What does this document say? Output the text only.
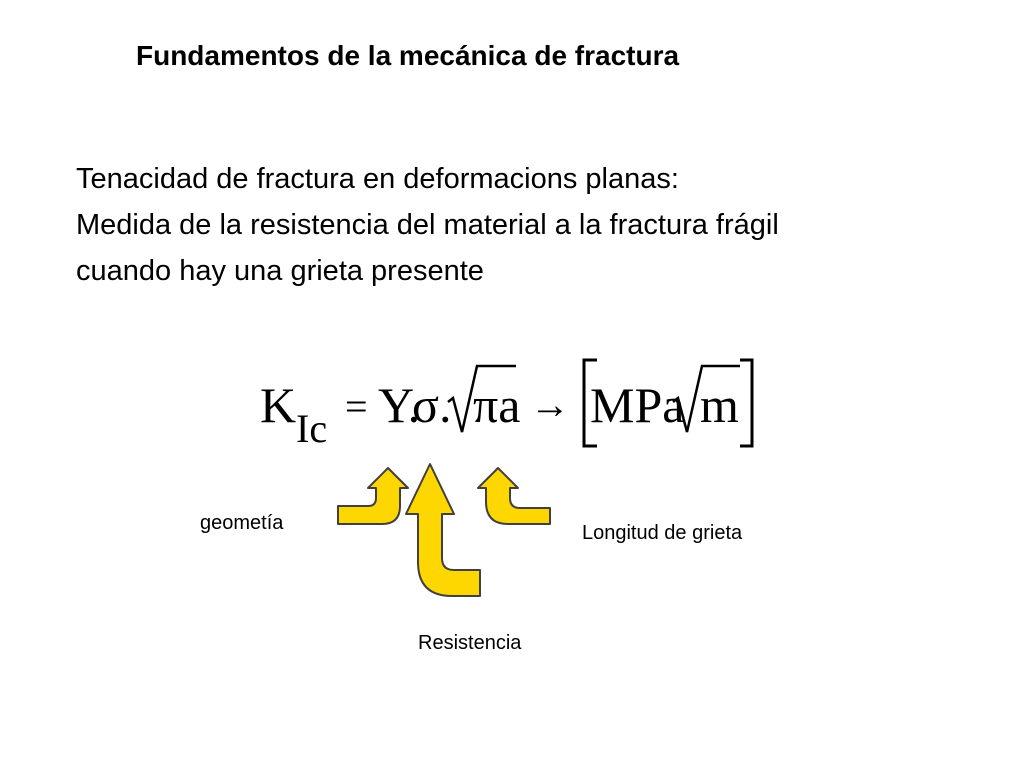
Fundamentos de la mecánica de fractura
Tenacidad de fractura en deformacions planas:
Medida de la resistencia del material a la fractura frágil
cuando hay una grieta presente
K Ic = Y.
σ. πa → MPa m
geometía
Resistencia
Longitud de grieta
